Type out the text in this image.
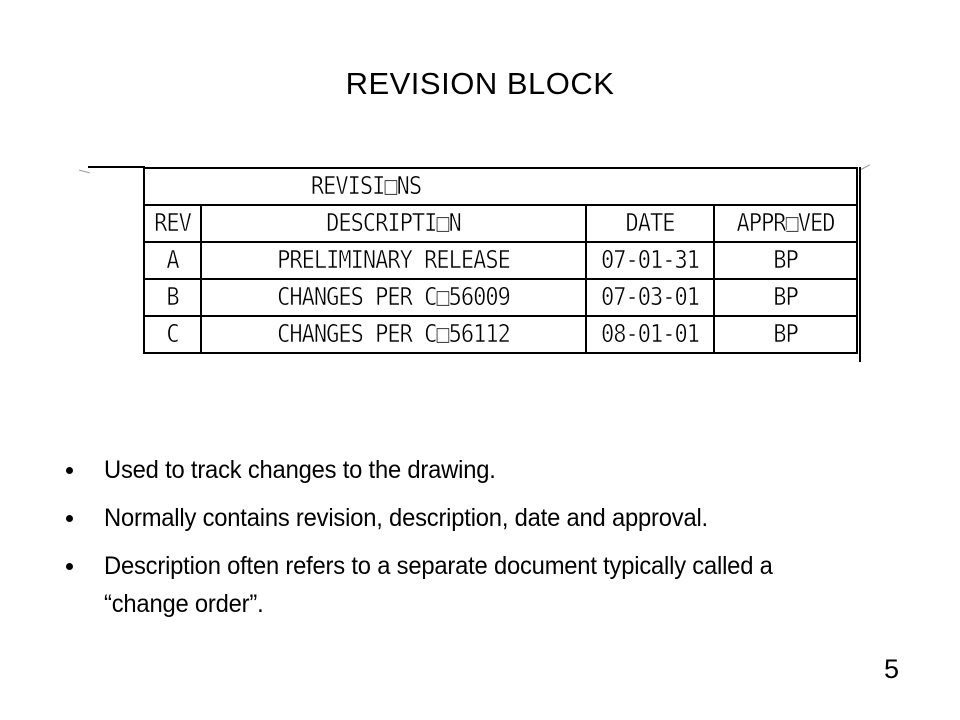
REVISION BLOCK
REVISI□NS			

REV	DESCRIPTI□N	DATE	APPR□VED
A	PRELIMINARY RELEASE	07-01-31	BP
B	CHANGES PER C□56009	07-03-01	BP
C	CHANGES PER C□56112	08-01-01	BP
Used to track changes to the drawing.
Normally contains revision, description, date and approval.
Description often refers to a separate document typically called a
“change order”.
5
